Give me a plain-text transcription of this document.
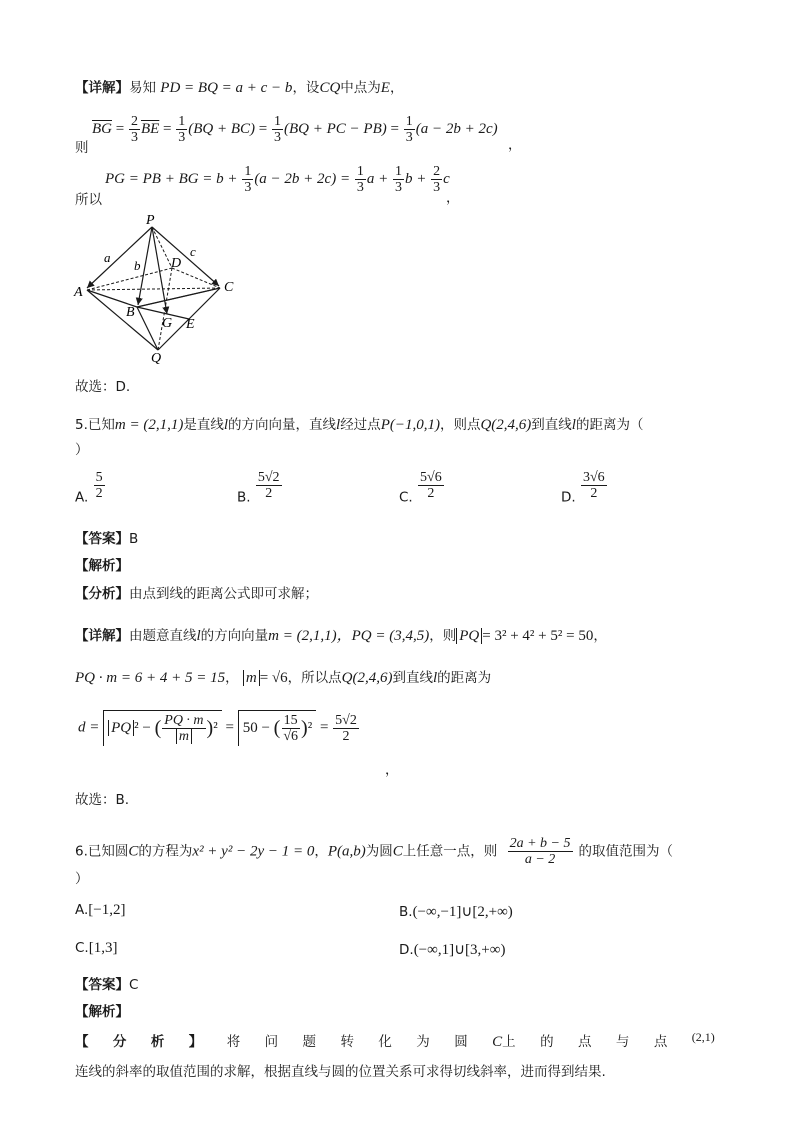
【详解】易知 PD = BQ = a + c − b，设CQ中点为E，
$\overline{BG} = \frac{2}{3} \overline{BE} = \frac{1}{3} (BQ + BC) = \frac{1}{3} (BQ$ + PC − $PB) = \frac{1}{3} (a - 2b + 2c)$
则	，
PG = PB + BG = $b + \frac{1}{3} (a - 2b + 2c) = \frac{1}{3}$ $a + \frac{1}{3}$ $b + \frac{2}{3}$ c
所以	，
P
A	C
B
D
G E
Q
a
b
c
故选：D.
5.已知m = (2,1,1)是直线l的方向向量，直线l经过点P(−1,0,1)，则点Q(2,4,6)到直线l的距离为（
）
A. $\frac{5}{2}$	B. $\frac{5√2}{2}$	C. $\frac{5√6}{2}$	D. $\frac{3√6}{2}$
【答案】B
【解析】
【分析】由点到线的距离公式即可求解；
【详解】由题意直线l的方向向量m = (2,1,1)，PQ = (3,4,5)，则 PQ = 3² + 4² + 5² = 50，
PQ · m = 6 + 4 + 5 = 15， m = √6，所以点Q(2,4,6)到直线l的距离为
d = PQ ² − ( $\frac{PQ \cdot m}{m} )^2 = 50$ − ( $\frac{15}{√6} )^2 = \frac{5√2}{2}$
，
故选：B.
6.已知圆C的方程为x² + y² − 2y − 1 = 0，P(a,b)为圆C上任意一点，则 $\frac{2a + b - 5}{a - 2}$ 的取值范围为（
）
A.[−1,2]	B.(−∞,−1]∪[2,+∞)
C.[1,3]	D.(−∞,1]∪[3,+∞)
【答案】C
【解析】
【 分 析 】 将 问 题 转 化 为 圆 C上 的 点 与 点 (2,1)
连线的斜率的取值范围的求解，根据直线与圆的位置关系可求得切线斜率，进而得到结果.
